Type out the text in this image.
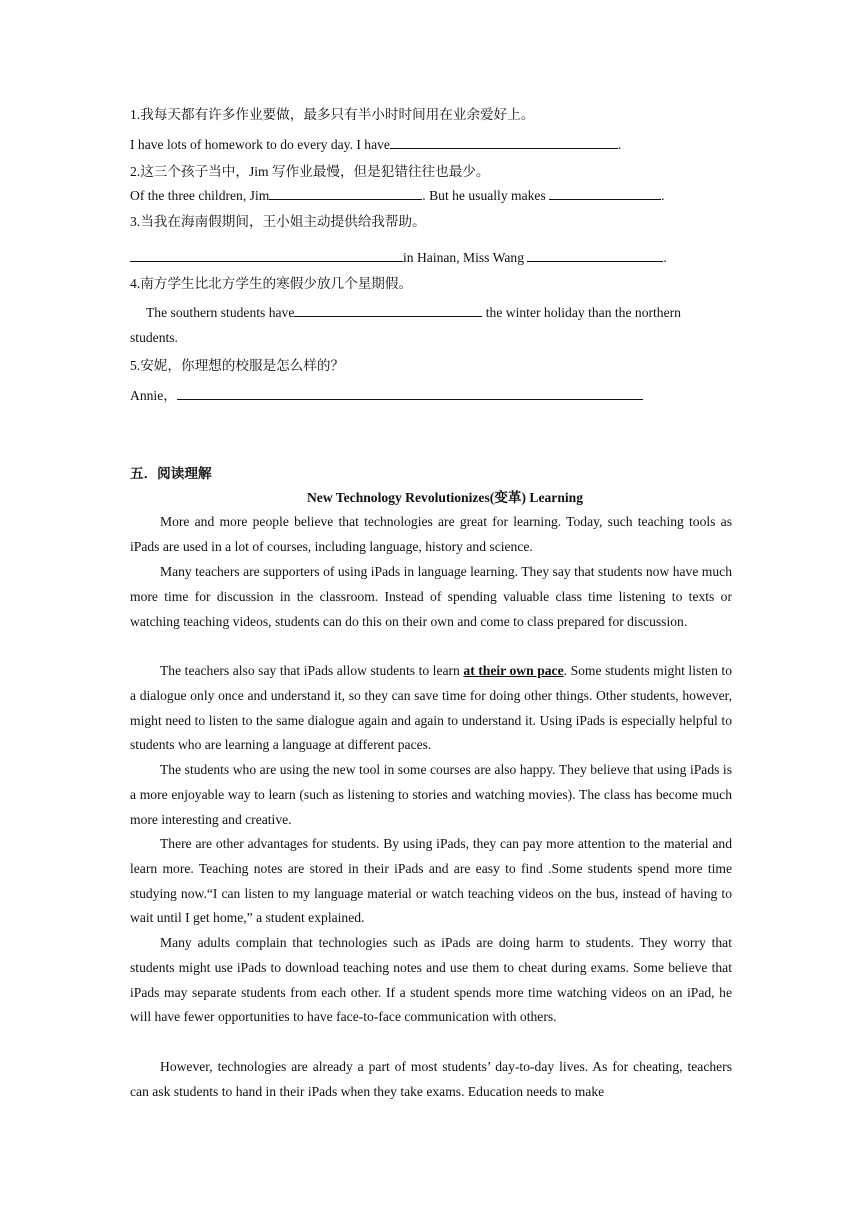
1.我每天都有许多作业要做，最多只有半小时时间用在业余爱好上。
I have lots of homework to do every day. I have	.
2.这三个孩子当中，Jim 写作业最慢，但是犯错往往也最少。
Of the three children, Jim	. But he usually makes	.
3.当我在海南假期间，王小姐主动提供给我帮助。
in Hainan, Miss Wang	.
4.南方学生比北方学生的寒假少放几个星期假。
The southern students have	the winter holiday than the northern
students.
5.安妮，你理想的校服是怎么样的？
Annie，
五．阅读理解
New Technology Revolutionizes(变革) Learning
More and more people believe that technologies are great for learning. Today, such teaching tools as iPads are used in a lot of courses, including language, history and science.
Many teachers are supporters of using iPads in language learning. They say that students now have much more time for discussion in the classroom. Instead of spending valuable class time listening to texts or watching teaching videos, students can do this on their own and come to class prepared for discussion.
The teachers also say that iPads allow students to learn at their own pace. Some students might listen to a dialogue only once and understand it, so they can save time for doing other things. Other students, however, might need to listen to the same dialogue again and again to understand it. Using iPads is especially helpful to students who are learning a language at different paces.
The students who are using the new tool in some courses are also happy. They believe that using iPads is a more enjoyable way to learn (such as listening to stories and watching movies). The class has become much more interesting and creative.
There are other advantages for students. By using iPads, they can pay more attention to the material and learn more. Teaching notes are stored in their iPads and are easy to find .Some students spend more time studying now.“I can listen to my language material or watch teaching videos on the bus, instead of having to wait until I get home,” a student explained.
Many adults complain that technologies such as iPads are doing harm to students. They worry that students might use iPads to download teaching notes and use them to cheat during exams. Some believe that iPads may separate students from each other. If a student spends more time watching videos on an iPad, he will have fewer opportunities to have face-to-face communication with others.
However, technologies are already a part of most students’ day-to-day lives. As for cheating, teachers can ask students to hand in their iPads when they take exams. Education needs to make
